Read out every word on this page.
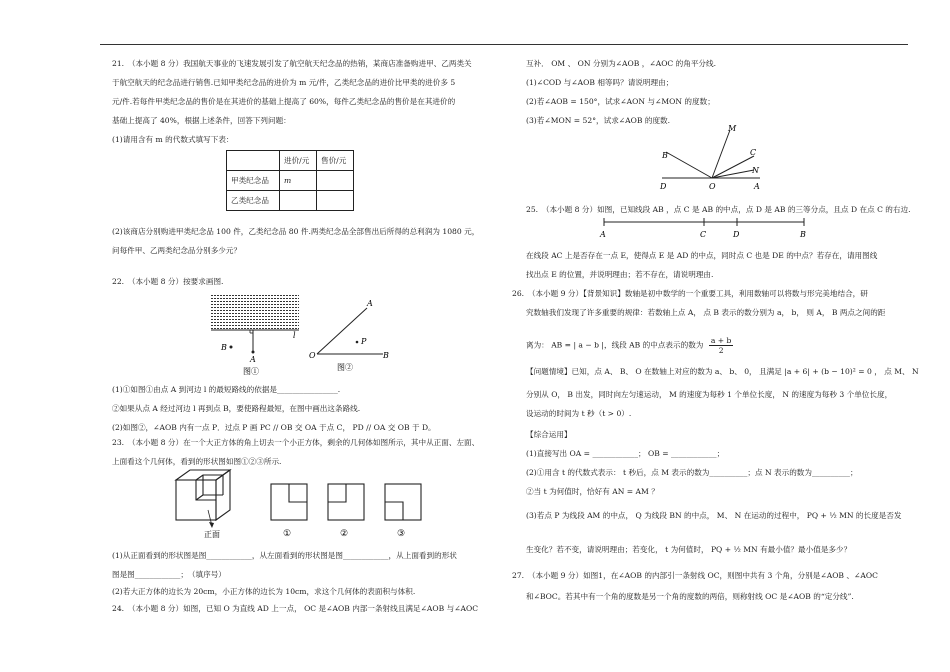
21.　（本小题 8 分）我国航天事业的飞速发展引发了航空航天纪念品的热销，某商店准备购进甲、乙两类关
于航空航天的纪念品进行销售.已知甲类纪念品的进价为 m 元/件，乙类纪念品的进价比甲类的进价多 5
元/件.若每件甲类纪念品的售价是在其进价的基础上提高了 60%，每件乙类纪念品的售价是在其进价的
基础上提高了 40%，根据上述条件，回答下列问题：
(1)请用含有 m 的代数式填写下表：
	进价/元	售价/元
甲类纪念品	m	
乙类纪念品		
(2)该商店分别购进甲类纪念品 100 件，乙类纪念品 80 件.两类纪念品全部售出后所得的总利润为 1080 元，
问每件甲、乙两类纪念品分别多少元？
22.　（本小题 8 分）按要求画图.
B
A
l
图①
O
A
B
P
图②
(1)①如图①由点 A 到河边 l 的最短路线的依据是________________.
②如果从点 A 经过河边 l 再到点 B，要使路程最短，在图中画出这条路线.
(2)如图②，∠AOB 内有一点 P．过点 P 画 PC // OB 交 OA 于点 C， PD // OA 交 OB 于 D。
23.　（本小题 8 分）在一个大正方体的角上切去一个小正方体，剩余的几何体如图所示，其中从正面、左面、
上面看这个几何体，看到的形状图如图①②③所示.
正面	①	②	③
(1)从正面看到的形状图是图____________，从左面看到的形状图是图____________，从上面看到的形状
图是图____________；　（填序号）
(2)若大正方体的边长为 20cm，小正方体的边长为 10cm，求这个几何体的表面积与体积.
24.　（本小题 8 分）如图，已知 O 为直线 AD 上一点， OC 是∠AOB 内部一条射线且满足∠AOB 与∠AOC
互补． OM 、 ON 分别为∠AOB ，∠AOC 的角平分线.
(1)∠COD 与∠AOB 相等吗？请说明理由；
(2)若∠AOB = 150°，试求∠AON 与∠MON 的度数；
(3)若∠MON = 52°，试求∠AOB 的度数.
M
B	C
N
D	O	A
25.　（本小题 8 分）如图，已知线段 AB ，点 C 是 AB 的中点，点 D 是 AB 的三等分点，且点 D 在点 C 的右边.
A	C	D	B
在线段 AC 上是否存在一点 E，使得点 E 是 AD 的中点，同时点 C 也是 DE 的中点？若存在，请用图线
找出点 E 的位置，并说明理由；若不存在，请说明理由.
26.　（本小题 9 分）【背景知识】数轴是初中数学的一个重要工具，利用数轴可以将数与形完美地结合，研
究数轴我们发现了许多重要的规律：若数轴上点 A， 点 B 表示的数分别为 a， b， 则 A， B 两点之间的距
离为： AB = | a − b |，线段 AB 的中点表示的数为 $\frac{a + b}{2}$
【问题情境】已知，点 A、 B、 O 在数轴上对应的数为 a、 b、 0， 且满足 |a + 6| + (b − 10)² = 0 ， 点 M、 N
分别从 O， B 出发，同时向左匀速运动， M 的速度为每秒 1 个单位长度， N 的速度为每秒 3 个单位长度，
设运动的时间为 t 秒（t > 0）.
【综合运用】
(1)直接写出 OA = ____________； OB = ____________；
(2)①用含 t 的代数式表示： t 秒后，点 M 表示的数为__________；点 N 表示的数为__________；
②当 t 为何值时，恰好有 AN = AM ？
(3)若点 P 为线段 AM 的中点， Q 为线段 BN 的中点， M、 N 在运动的过程中， PQ + ½ MN 的长度是否发
生变化？若不变，请说明理由；若变化， t 为何值时， PQ + ½ MN 有最小值？最小值是多少？
27.　（本小题 9 分）如图1，在∠AOB 的内部引一条射线 OC，则图中共有 3 个角，分别是∠AOB 、∠AOC
和∠BOC。若其中有一个角的度数是另一个角的度数的两倍，则称射线 OC 是∠AOB 的“定分线”.
